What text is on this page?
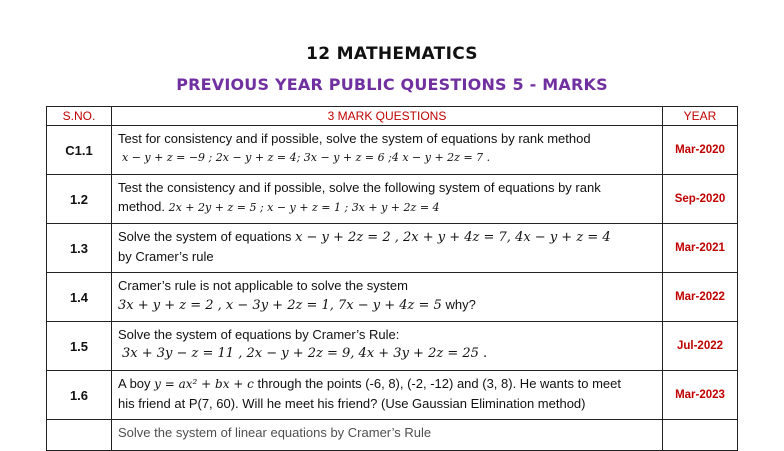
12 MATHEMATICS
PREVIOUS YEAR PUBLIC QUESTIONS 5 - MARKS
S.NO.	3 MARK QUESTIONS	YEAR
C1.1	Test for consistency and if possible, solve the system of equations by rank method
x − y + z = −9 ; 2x − y + z = 4; 3x − y + z = 6 ;4 x − y + 2z = 7 .	Mar-2020
1.2	Test the consistency and if possible, solve the following system of equations by rank
method. 2x + 2y + z = 5 ; x − y + z = 1 ; 3x + y + 2z = 4	Sep-2020
1.3	Solve the system of equations x − y + 2z = 2 , 2x + y + 4z = 7, 4x − y + z = 4
by Cramer’s rule	Mar-2021
1.4	Cramer’s rule is not applicable to solve the system
3x + y + z = 2 , x − 3y + 2z = 1, 7x − y + 4z = 5 why?	Mar-2022
1.5	Solve the system of equations by Cramer’s Rule:
3x + 3y − z = 11 , 2x − y + 2z = 9, 4x + 3y + 2z = 25 .	Jul-2022
1.6	A boy y = ax² + bx + c through the points (-6, 8), (-2, -12) and (3, 8). He wants to meet
his friend at P(7, 60). Will he meet his friend? (Use Gaussian Elimination method)	Mar-2023

	Solve the system of linear equations by Cramer’s Rule	
